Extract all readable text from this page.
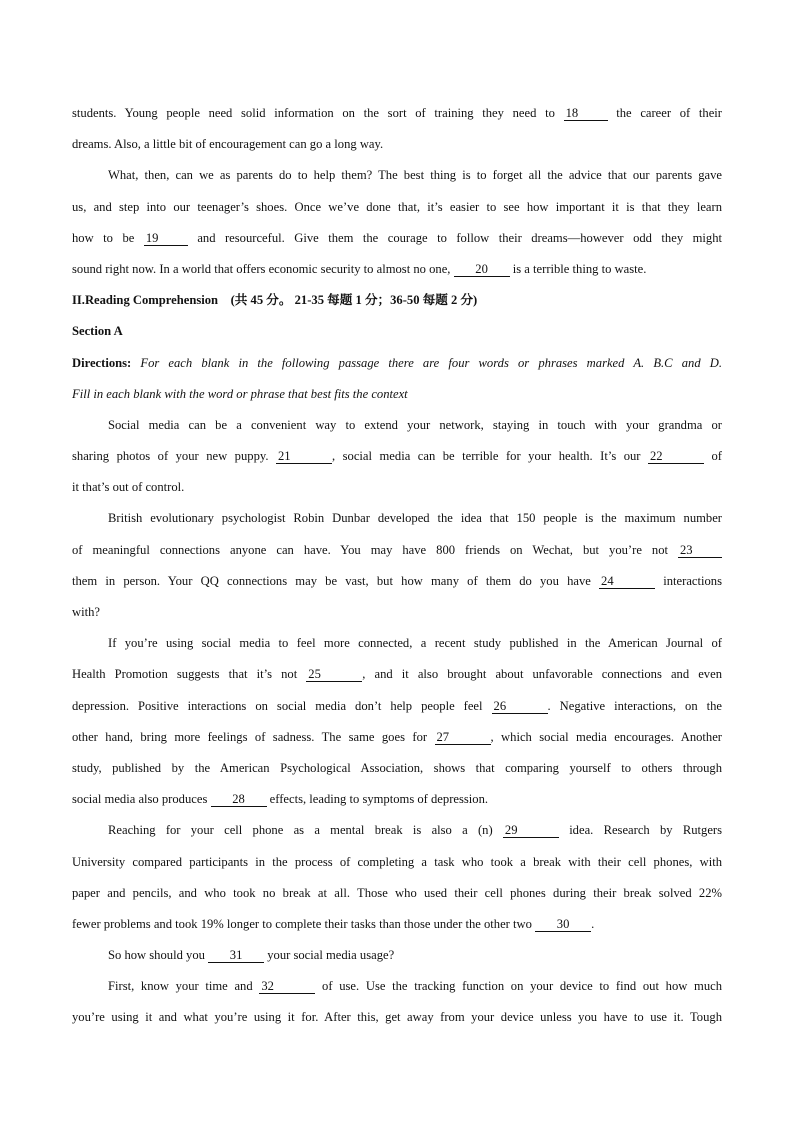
students. Young people need solid information on the sort of training they need to 18	the career of their
dreams. Also, a little bit of encouragement can go a long way.
What, then, can we as parents do to help them? The best thing is to forget all the advice that our parents gave
us, and step into our teenager’s shoes. Once we’ve done that, it’s easier to see how important it is that they learn
how to be 19	and resourceful. Give them the courage to follow their dreams—however odd they might
sound right now. In a world that offers economic security to almost no one, 20 is a terrible thing to waste.
II.Reading Comprehension　(共 45 分。 21-35 每题 1 分；36-50 每题 2 分)
Section A
Directions: For each blank in the following passage there are four words or phrases marked A. B.C and D.
Fill in each blank with the word or phrase that best fits the context
Social media can be a convenient way to extend your network, staying in touch with your grandma or
sharing photos of your new puppy. 21	, social media can be terrible for your health. It’s our 22	of
it that’s out of control.
British evolutionary psychologist Robin Dunbar developed the idea that 150 people is the maximum number
of meaningful connections anyone can have. You may have 800 friends on Wechat, but you’re not 23
them in person. Your QQ connections may be vast, but how many of them do you have 24	interactions
with?
If you’re using social media to feel more connected, a recent study published in the American Journal of
Health Promotion suggests that it’s not 25	, and it also brought about unfavorable connections and even
depression. Positive interactions on social media don’t help people feel 26	. Negative interactions, on the
other hand, bring more feelings of sadness. The same goes for 27	, which social media encourages. Another
study, published by the American Psychological Association, shows that comparing yourself to others through
social media also produces 28 effects, leading to symptoms of depression.
Reaching for your cell phone as a mental break is also a (n) 29	idea. Research by Rutgers
University compared participants in the process of completing a task who took a break with their cell phones, with
paper and pencils, and who took no break at all. Those who used their cell phones during their break solved 22%
fewer problems and took 19% longer to complete their tasks than those under the other two 30 .
So how should you 31 your social media usage?
First, know your time and 32	of use. Use the tracking function on your device to find out how much
you’re using it and what you’re using it for. After this, get away from your device unless you have to use it. Tough
